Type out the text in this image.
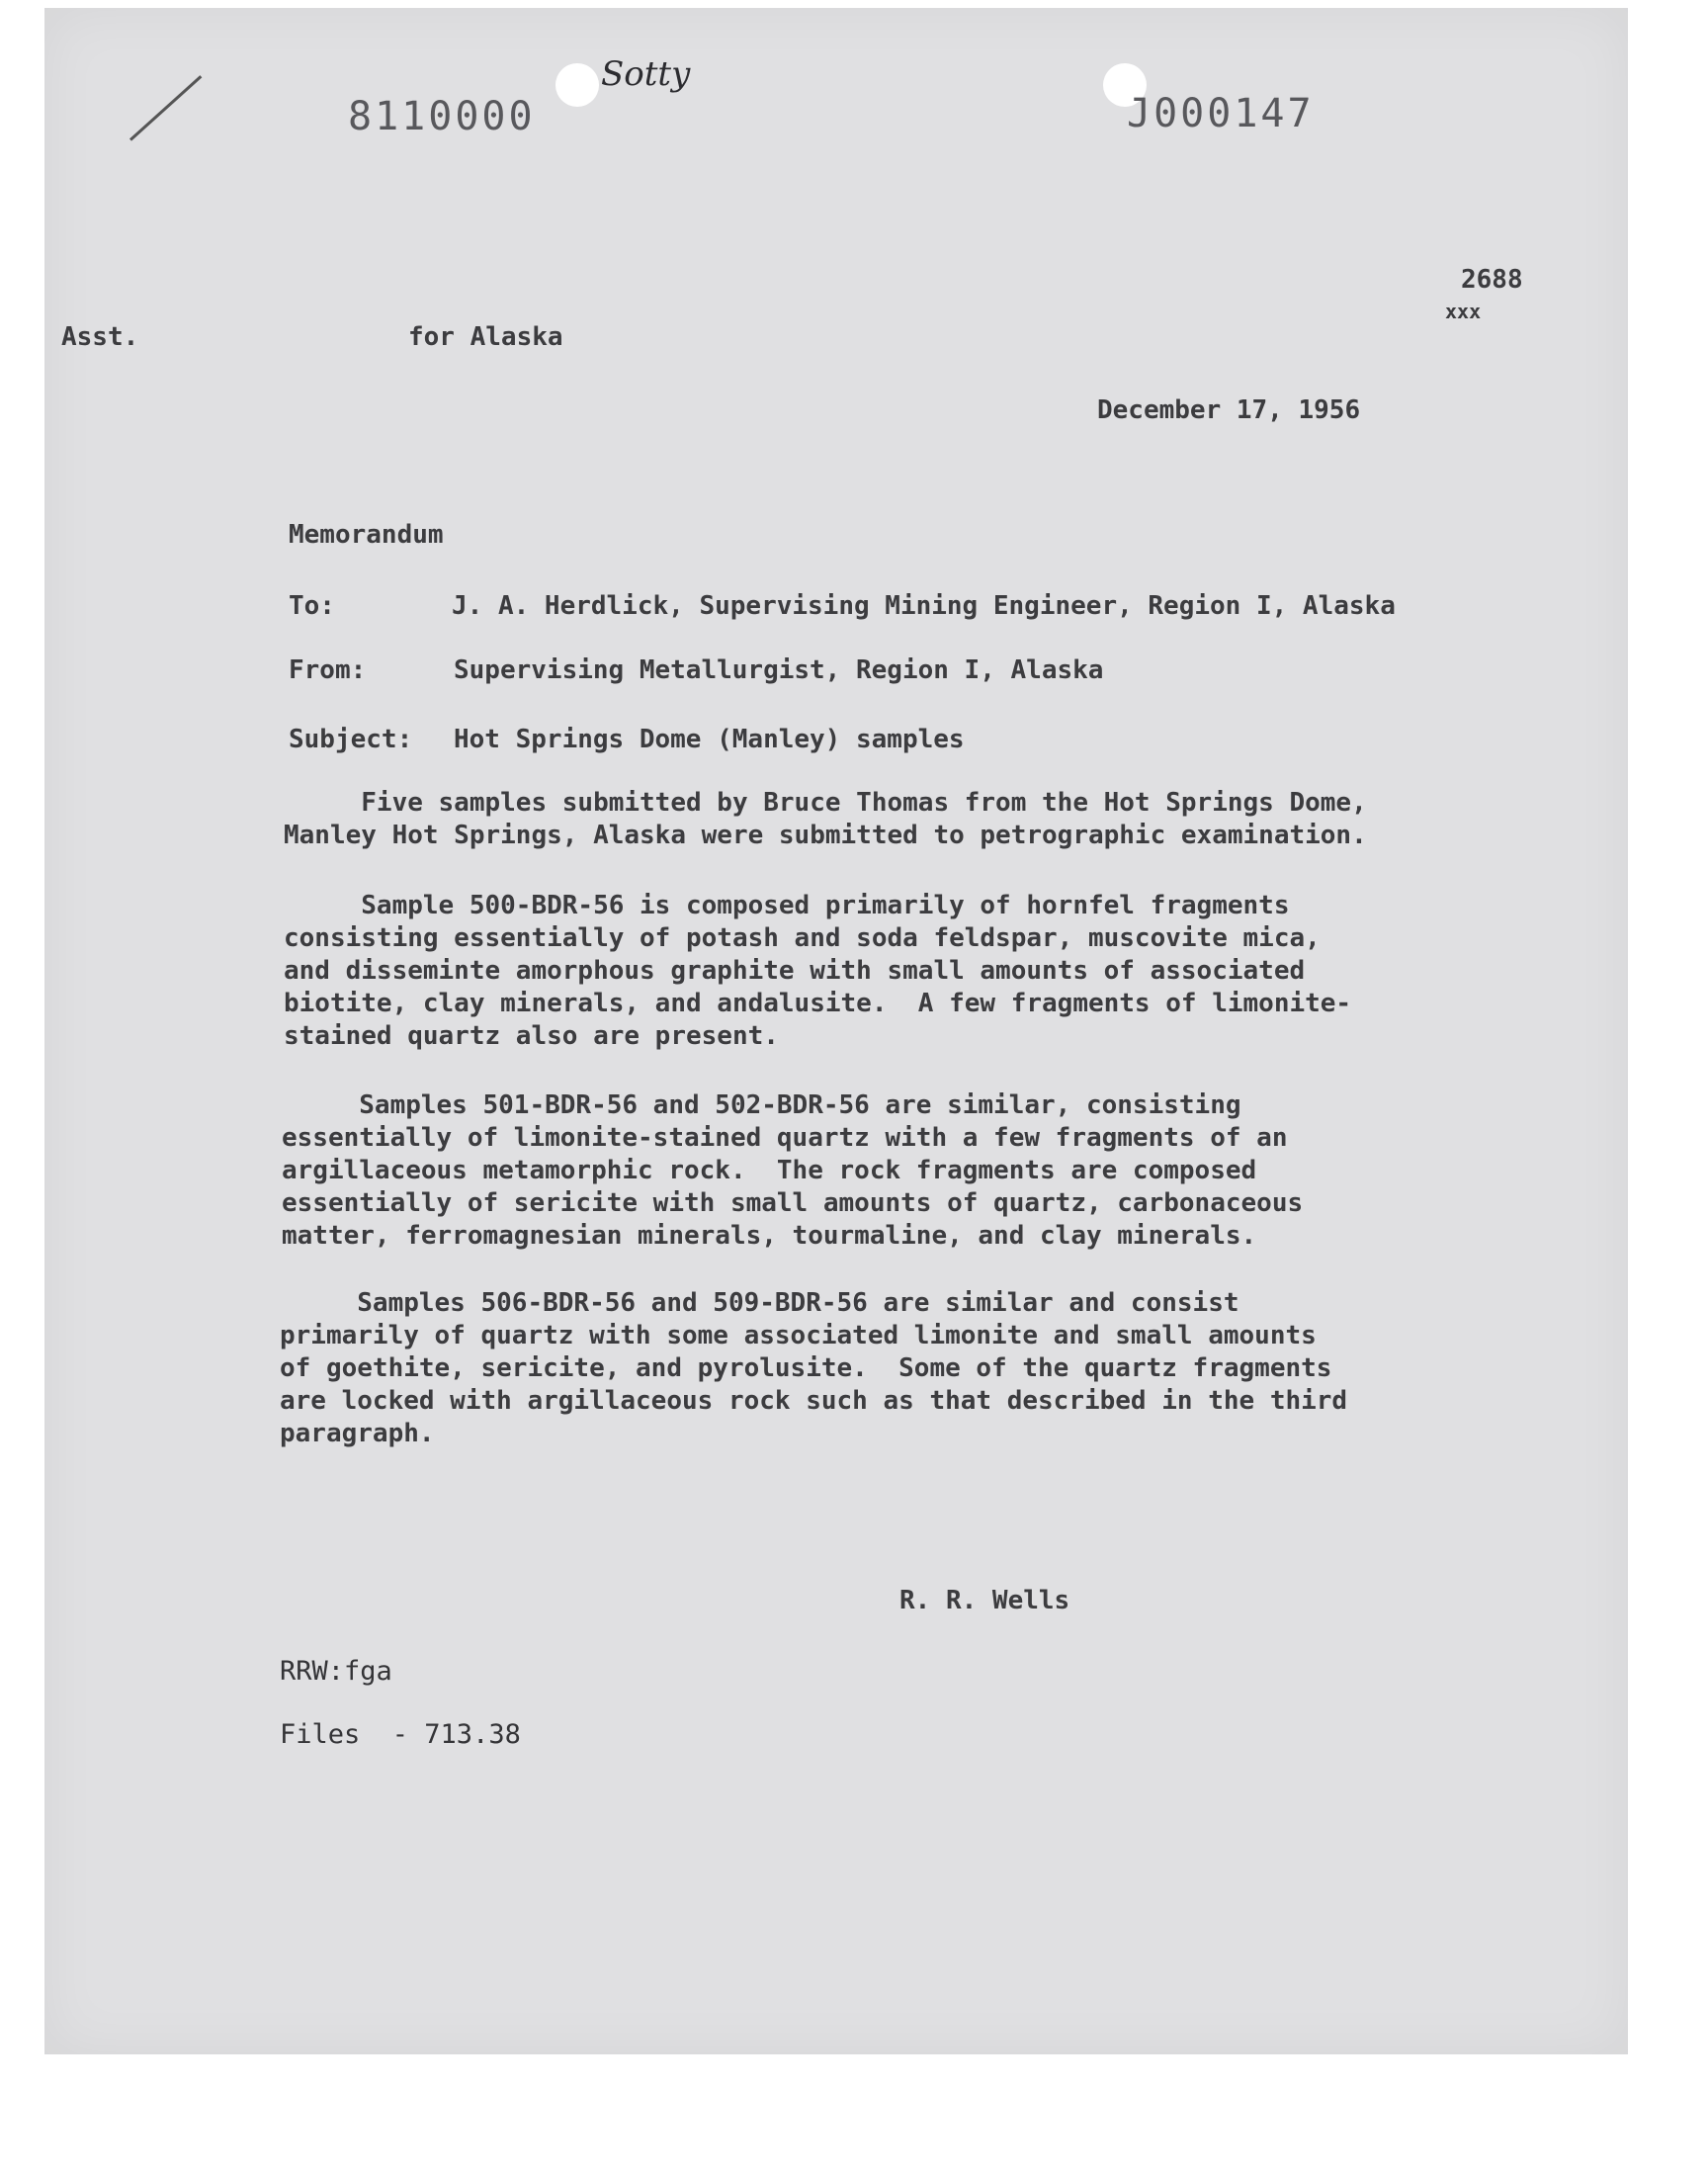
8110000
Sotty
J000147
2688
xxx
Asst.	for Alaska
December 17, 1956
Memorandum
To:	J. A. Herdlick, Supervising Mining Engineer, Region I, Alaska
From:	Supervising Metallurgist, Region I, Alaska
Subject: Hot Springs Dome (Manley) samples
Five samples submitted by Bruce Thomas from the Hot Springs Dome,
Manley Hot Springs, Alaska were submitted to petrographic examination.
Sample 500-BDR-56 is composed primarily of hornfel fragments
consisting essentially of potash and soda feldspar, muscovite mica,
and disseminte amorphous graphite with small amounts of associated
biotite, clay minerals, and andalusite.  A few fragments of limonite-
stained quartz also are present.
Samples 501-BDR-56 and 502-BDR-56 are similar, consisting
essentially of limonite-stained quartz with a few fragments of an
argillaceous metamorphic rock.  The rock fragments are composed
essentially of sericite with small amounts of quartz, carbonaceous
matter, ferromagnesian minerals, tourmaline, and clay minerals.
Samples 506-BDR-56 and 509-BDR-56 are similar and consist
primarily of quartz with some associated limonite and small amounts
of goethite, sericite, and pyrolusite.  Some of the quartz fragments
are locked with argillaceous rock such as that described in the third
paragraph.
R. R. Wells
RRW:fga
Files  - 713.38
